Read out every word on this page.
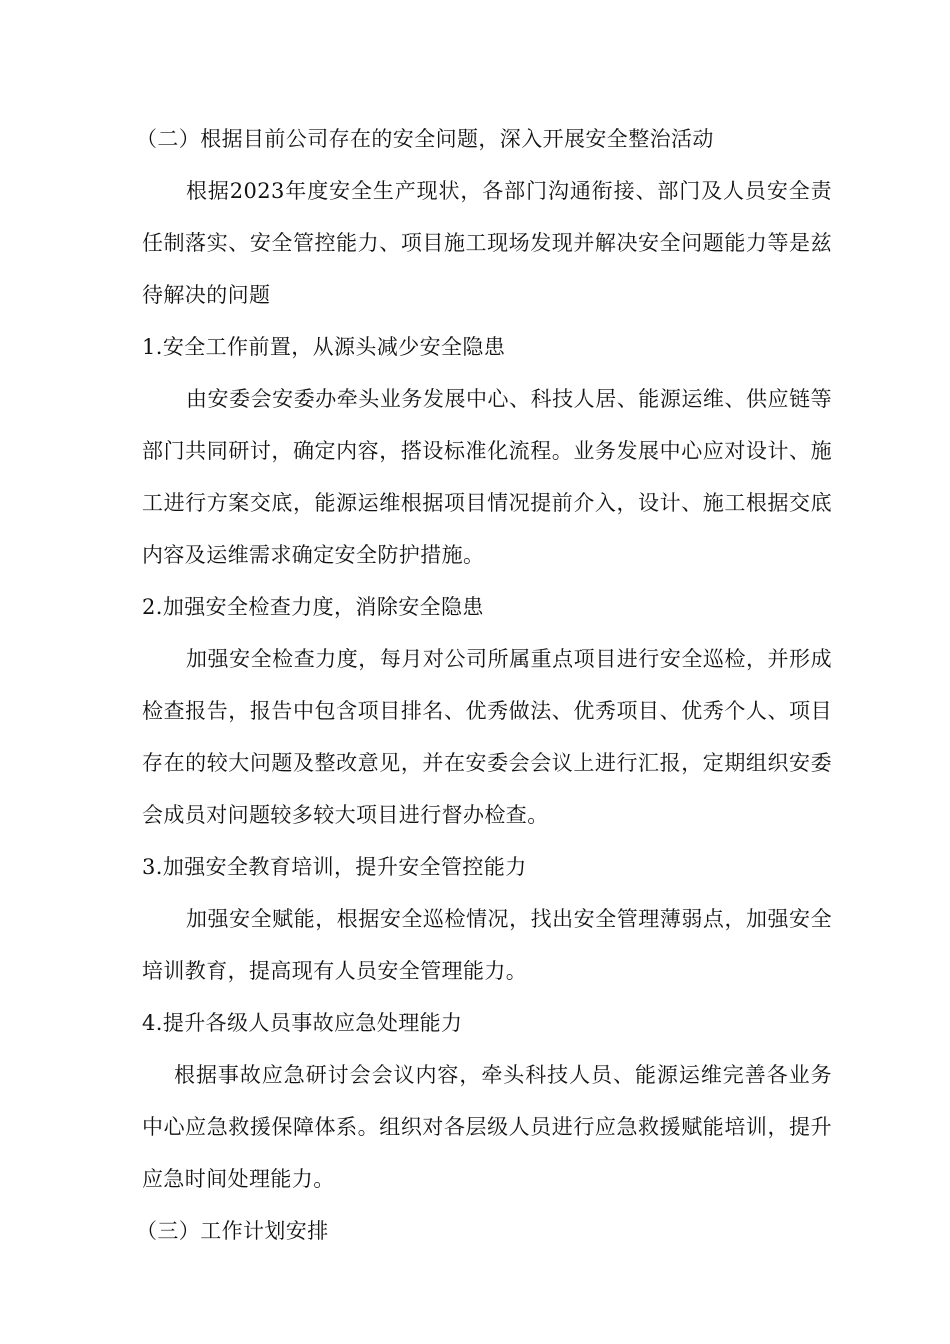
（二）根据目前公司存在的安全问题，深入开展安全整治活动

根据2023年度安全生产现状，各部门沟通衔接、部门及人员安全责任制落实、安全管控能力、项目施工现场发现并解决安全问题能力等是兹待解决的问题

1.安全工作前置，从源头减少安全隐患

由安委会安委办牵头业务发展中心、科技人居、能源运维、供应链等部门共同研讨，确定内容，搭设标准化流程。业务发展中心应对设计、施工进行方案交底，能源运维根据项目情况提前介入，设计、施工根据交底内容及运维需求确定安全防护措施。

2.加强安全检查力度，消除安全隐患

加强安全检查力度，每月对公司所属重点项目进行安全巡检，并形成检查报告，报告中包含项目排名、优秀做法、优秀项目、优秀个人、项目存在的较大问题及整改意见，并在安委会会议上进行汇报，定期组织安委会成员对问题较多较大项目进行督办检查。

3.加强安全教育培训，提升安全管控能力

加强安全赋能，根据安全巡检情况，找出安全管理薄弱点，加强安全培训教育，提高现有人员安全管理能力。

4.提升各级人员事故应急处理能力

根据事故应急研讨会会议内容，牵头科技人员、能源运维完善各业务中心应急救援保障体系。组织对各层级人员进行应急救援赋能培训，提升应急时间处理能力。

（三）工作计划安排
